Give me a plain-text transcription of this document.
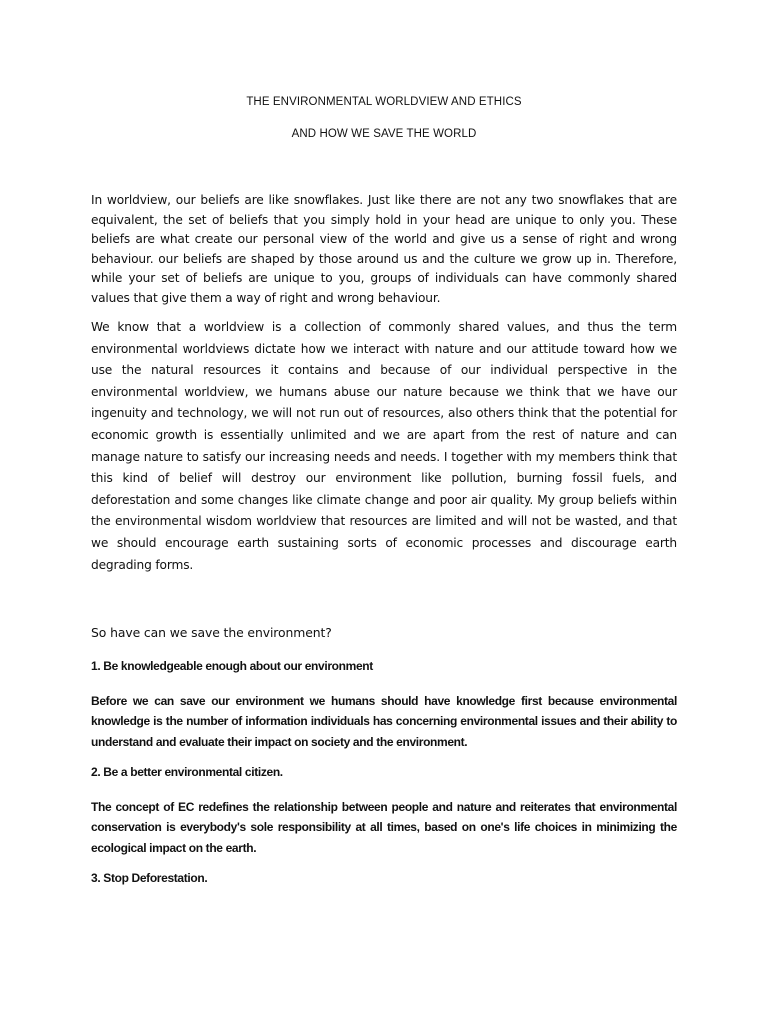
THE ENVIRONMENTAL WORLDVIEW AND ETHICS

AND HOW WE SAVE THE WORLD

In worldview, our beliefs are like snowflakes. Just like there are not any two snowflakes that are equivalent, the set of beliefs that you simply hold in your head are unique to only you. These beliefs are what create our personal view of the world and give us a sense of right and wrong behaviour. our beliefs are shaped by those around us and the culture we grow up in. Therefore, while your set of beliefs are unique to you, groups of individuals can have commonly shared values that give them a way of right and wrong behaviour.

We know that a worldview is a collection of commonly shared values, and thus the term environmental worldviews dictate how we interact with nature and our attitude toward how we use the natural resources it contains and because of our individual perspective in the environmental worldview, we humans abuse our nature because we think that we have our ingenuity and technology, we will not run out of resources, also others think that the potential for economic growth is essentially unlimited and we are apart from the rest of nature and can manage nature to satisfy our increasing needs and needs. I together with my members think that this kind of belief will destroy our environment like pollution, burning fossil fuels, and deforestation and some changes like climate change and poor air quality. My group beliefs within the environmental wisdom worldview that resources are limited and will not be wasted, and that we should encourage earth sustaining sorts of economic processes and discourage earth degrading forms.

So have can we save the environment?

1. Be knowledgeable enough about our environment

Before we can save our environment we humans should have knowledge first because environmental knowledge is the number of information individuals has concerning environmental issues and their ability to understand and evaluate their impact on society and the environment.

2. Be a better environmental citizen.

The concept of EC redefines the relationship between people and nature and reiterates that environmental conservation is everybody's sole responsibility at all times, based on one's life choices in minimizing the ecological impact on the earth.

3. Stop Deforestation.
